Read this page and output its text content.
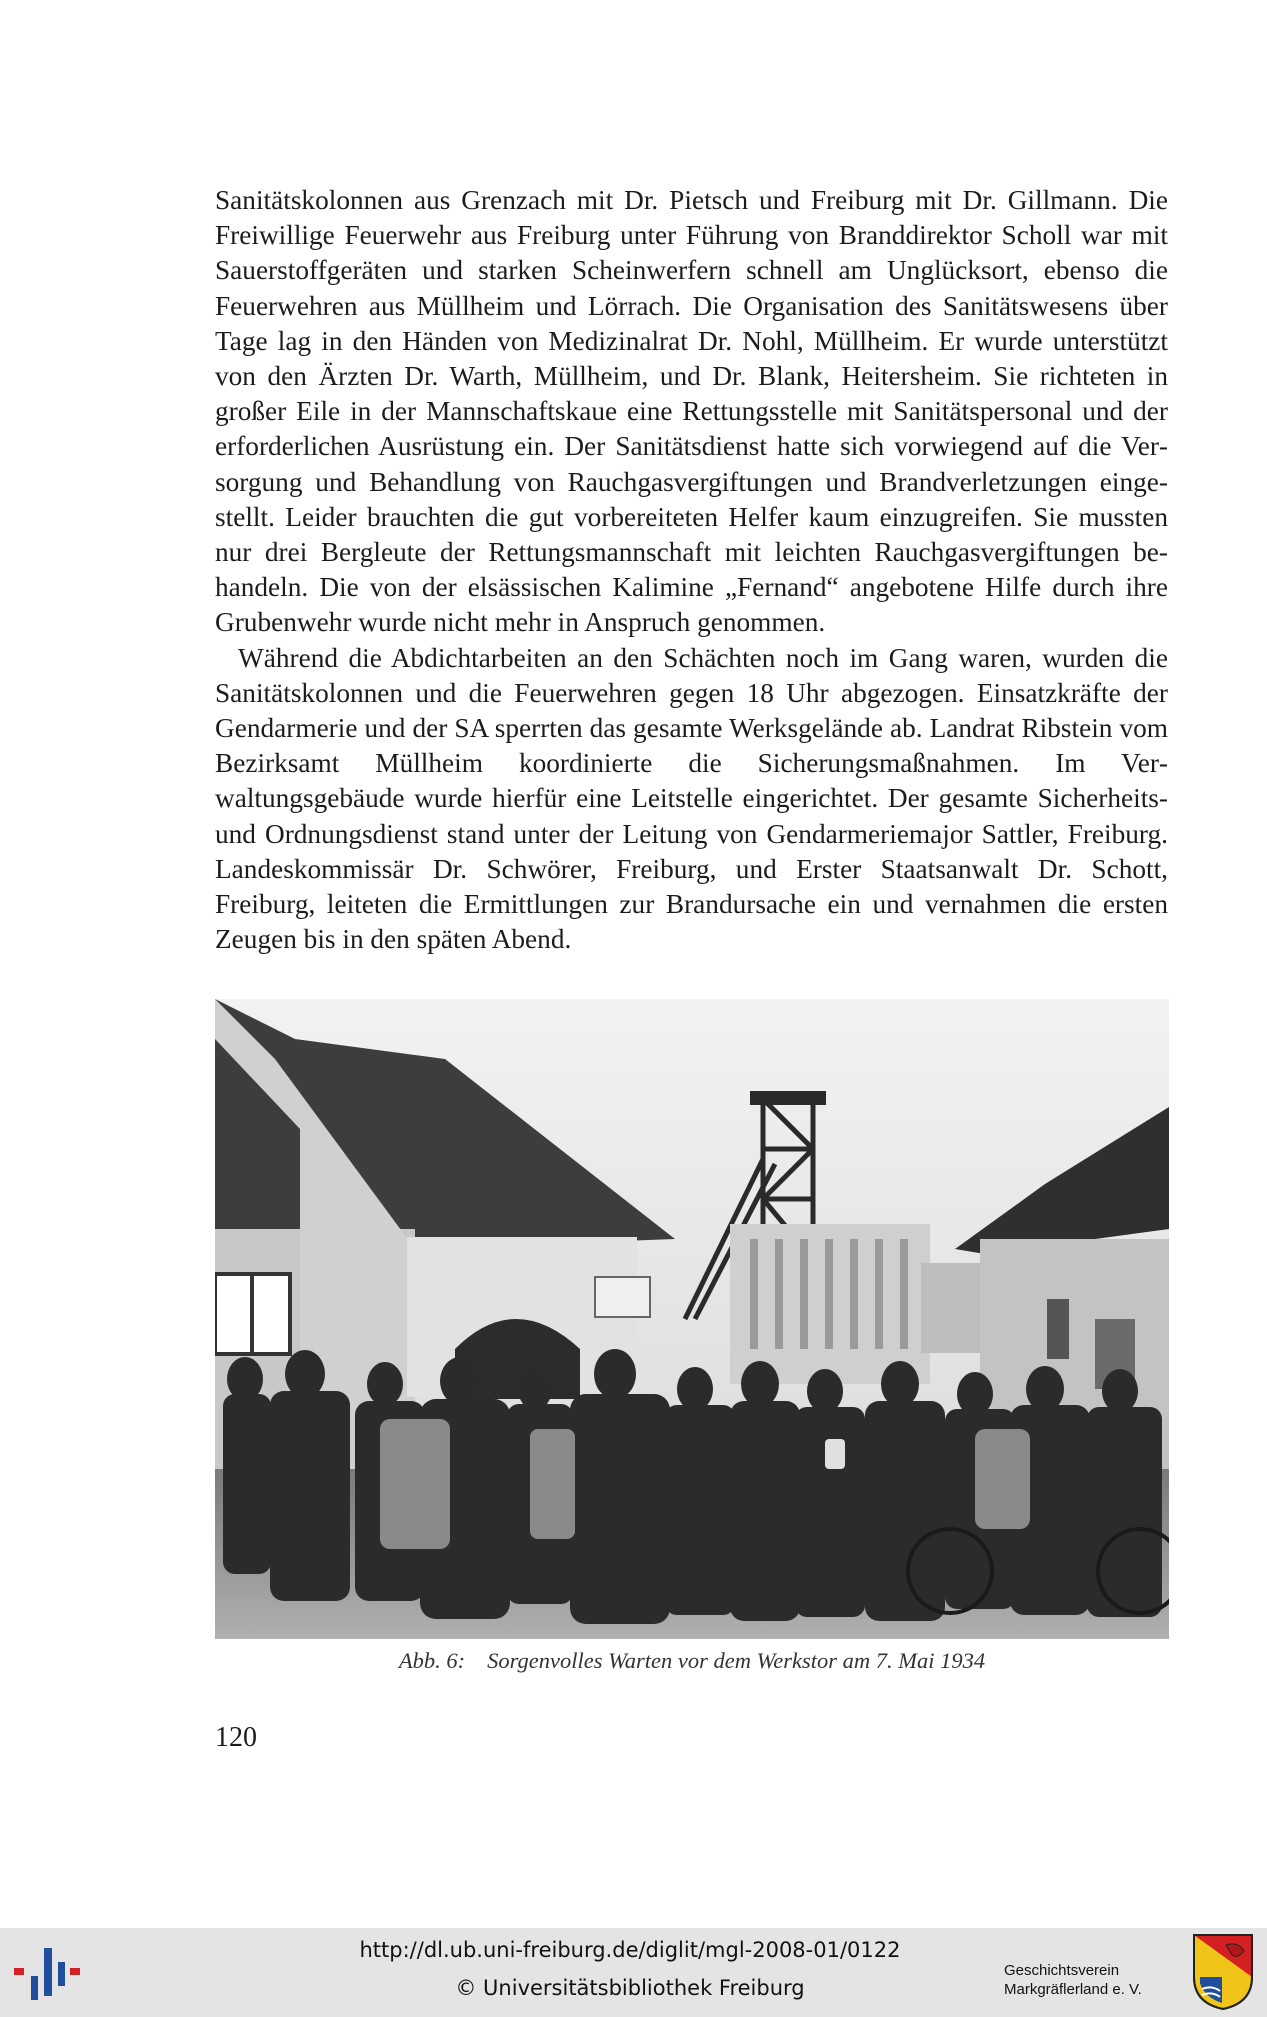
Sanitätskolonnen aus Grenzach mit Dr. Pietsch und Freiburg mit Dr. Gillmann. Die Freiwillige Feuerwehr aus Freiburg unter Führung von Branddirektor Scholl war mit Sauerstoffgeräten und starken Scheinwerfern schnell am Unglücksort, ebenso die Feuerwehren aus Müllheim und Lörrach. Die Organisation des Sanitätswesens über Tage lag in den Händen von Medizinalrat Dr. Nohl, Müllheim. Er wurde unterstützt von den Ärzten Dr. Warth, Müllheim, und Dr. Blank, Heitersheim. Sie richteten in großer Eile in der Mannschaftskaue eine Rettungsstelle mit Sanitätspersonal und der erforderlichen Ausrüstung ein. Der Sanitätsdienst hatte sich vorwiegend auf die Versorgung und Behandlung von Rauchgasvergiftungen und Brandverletzungen eingestellt. Leider brauchten die gut vorbereiteten Helfer kaum einzugreifen. Sie mussten nur drei Bergleute der Rettungsmannschaft mit leichten Rauchgasvergiftungen behandeln. Die von der elsässischen Kalimine „Fernand“ angebotene Hilfe durch ihre Grubenwehr wurde nicht mehr in Anspruch genommen.

Während die Abdichtarbeiten an den Schächten noch im Gang waren, wurden die Sanitätskolonnen und die Feuerwehren gegen 18 Uhr abgezogen. Einsatzkräfte der Gendarmerie und der SA sperrten das gesamte Werksgelände ab. Landrat Ribstein vom Bezirksamt Müllheim koordinierte die Sicherungsmaßnahmen. Im Verwaltungsgebäude wurde hierfür eine Leitstelle eingerichtet. Der gesamte Sicherheits- und Ordnungsdienst stand unter der Leitung von Gendarmeriemajor Sattler, Freiburg. Landeskommissär Dr. Schwörer, Freiburg, und Erster Staatsanwalt Dr. Schott, Freiburg, leiteten die Ermittlungen zur Brandursache ein und vernahmen die ersten Zeugen bis in den späten Abend.

Abb. 6: Sorgenvolles Warten vor dem Werkstor am 7. Mai 1934
120
http://dl.ub.uni-freiburg.de/diglit/mgl-2008-01/0122
© Universitätsbibliothek Freiburg
Geschichtsverein
Markgräflerland e. V.
